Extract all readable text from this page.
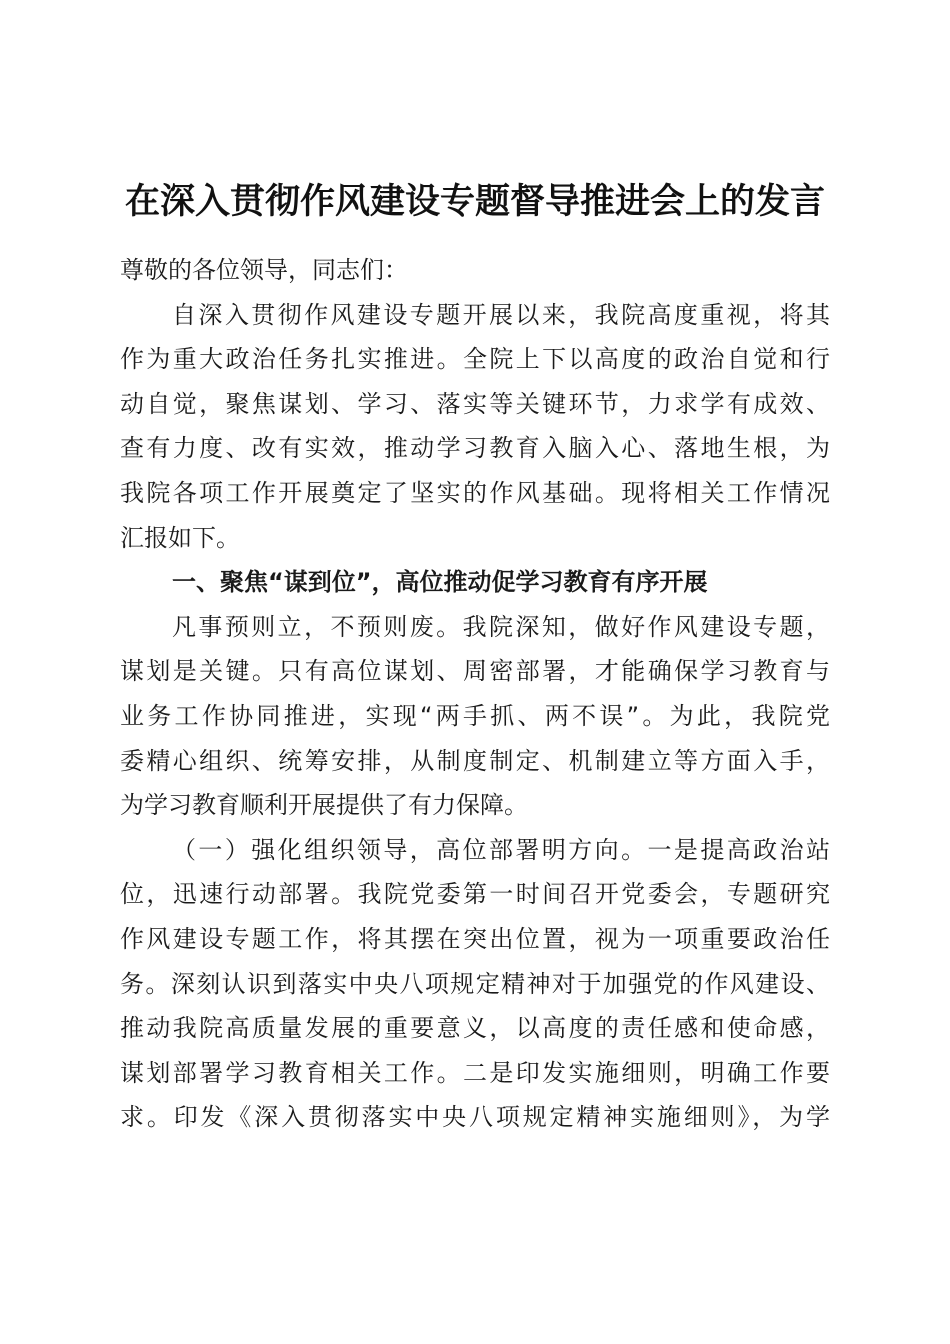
在深入贯彻作风建设专题督导推进会上的发言
尊敬的各位领导，同志们：
自深入贯彻作风建设专题开展以来，我院高度重视，将其
作为重大政治任务扎实推进。全院上下以高度的政治自觉和行
动自觉，聚焦谋划、学习、落实等关键环节，力求学有成效、
查有力度、改有实效，推动学习教育入脑入心、落地生根，为
我院各项工作开展奠定了坚实的作风基础。现将相关工作情况
汇报如下。
一、聚焦“谋到位”，高位推动促学习教育有序开展
凡事预则立，不预则废。我院深知，做好作风建设专题，
谋划是关键。只有高位谋划、周密部署，才能确保学习教育与
业务工作协同推进，实现“两手抓、两不误”。为此，我院党
委精心组织、统筹安排，从制度制定、机制建立等方面入手，
为学习教育顺利开展提供了有力保障。
（一）强化组织领导，高位部署明方向。一是提高政治站
位，迅速行动部署。我院党委第一时间召开党委会，专题研究
作风建设专题工作，将其摆在突出位置，视为一项重要政治任
务。深刻认识到落实中央八项规定精神对于加强党的作风建设、
推动我院高质量发展的重要意义，以高度的责任感和使命感，
谋划部署学习教育相关工作。二是印发实施细则，明确工作要
求。印发《深入贯彻落实中央八项规定精神实施细则》，为学
